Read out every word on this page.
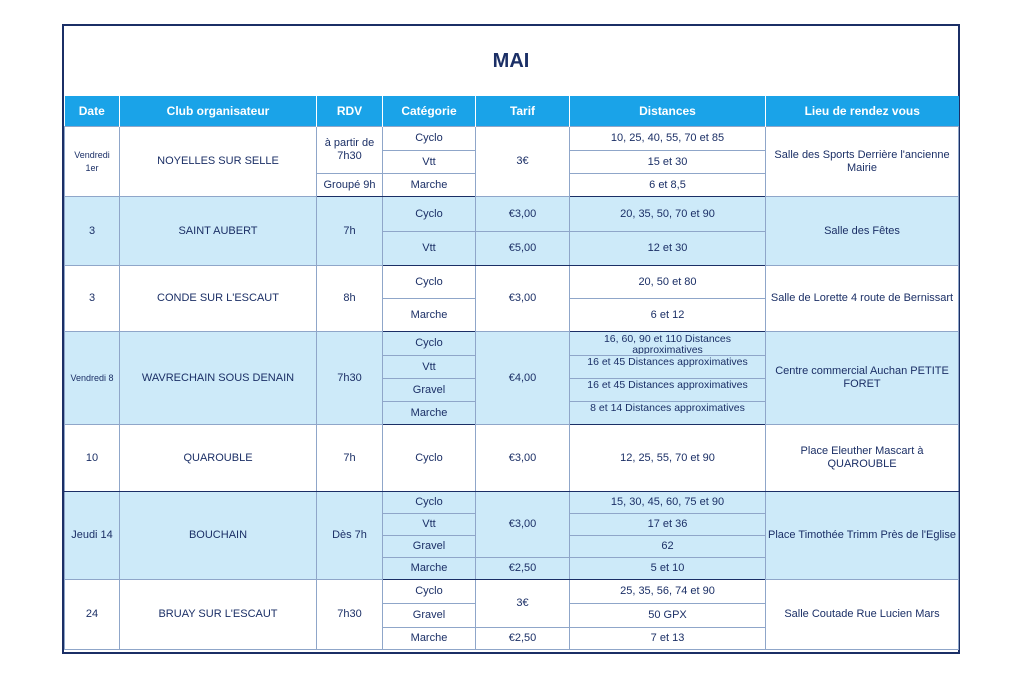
MAI
Date	Club organisateur	RDV	Catégorie	Tarif	Distances	Lieu de rendez vous
Vendredi 1er	NOYELLES SUR SELLE	à partir de 7h30	Cyclo	3€	10, 25, 40, 55, 70 et 85	Salle des Sports Derrière l'ancienne Mairie
			Vtt		15 et 30	
		Groupé 9h	Marche		6 et 8,5	
3	SAINT AUBERT	7h	Cyclo	€3,00	20, 35, 50, 70 et 90	Salle des Fêtes
			Vtt	€5,00	12 et 30	
3	CONDE SUR L'ESCAUT	8h	Cyclo	€3,00	20, 50 et 80	Salle de Lorette 4 route de Bernissart
			Marche		6 et 12	
Vendredi 8	WAVRECHAIN SOUS DENAIN	7h30	Cyclo	€4,00	16, 60, 90 et 110 Distances approximatives	Centre commercial Auchan PETITE FORET
			Vtt		16 et 45 Distances approximatives	

			Gravel		16 et 45 Distances approximatives	

			Marche		8 et 14 Distances approximatives	

10	QUAROUBLE	7h	Cyclo	€3,00	12, 25, 55, 70 et 90	Place Eleuther Mascart à QUAROUBLE
Jeudi 14	BOUCHAIN	Dès 7h	Cyclo	€3,00	15, 30, 45, 60, 75 et 90	Place Timothée Trimm Près de l'Eglise
			Vtt		17 et 36	
			Gravel		62	
			Marche	€2,50	5 et 10	
24	BRUAY SUR L'ESCAUT	7h30	Cyclo	3€	25, 35, 56, 74 et 90	Salle Coutade Rue Lucien Mars
			Gravel		50 GPX	
			Marche	€2,50	7 et 13	
